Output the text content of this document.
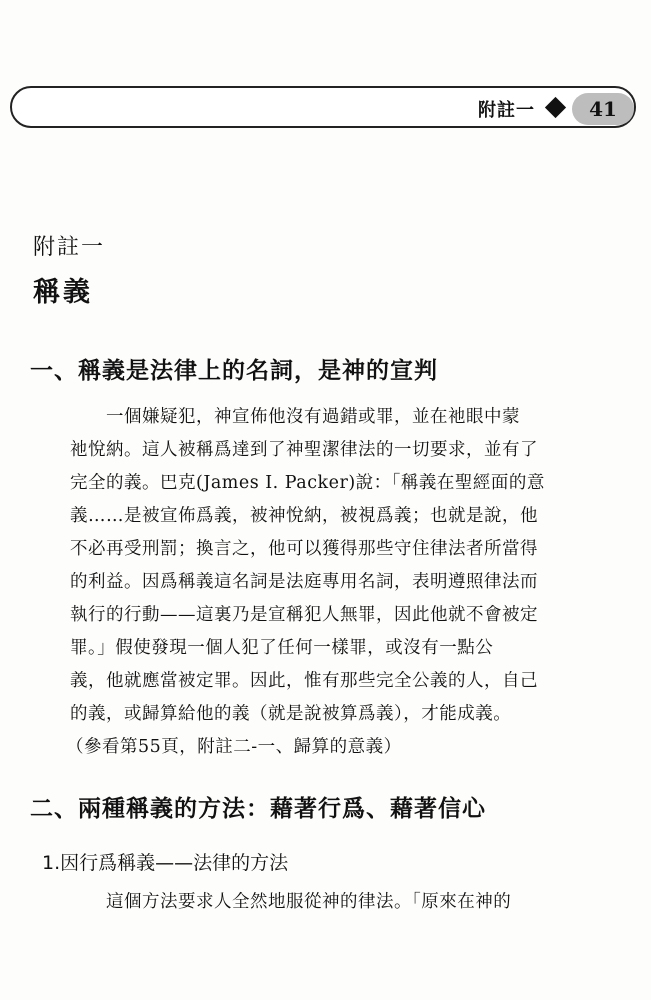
附註一	41
附註一
稱義
一、稱義是法律上的名詞，是神的宣判
　　一個嫌疑犯，神宣佈他沒有過錯或罪，並在祂眼中蒙
祂悅納。這人被稱爲達到了神聖潔律法的一切要求，並有了
完全的義。巴克(James I. Packer)說：「稱義在聖經面的意
義……是被宣佈爲義，被神悅納，被視爲義；也就是說，他
不必再受刑罰；換言之，他可以獲得那些守住律法者所當得
的利益。因爲稱義這名詞是法庭專用名詞，表明遵照律法而
執行的行動——這裏乃是宣稱犯人無罪，因此他就不會被定
罪。」假使發現一個人犯了任何一樣罪，或沒有一點公
義，他就應當被定罪。因此，惟有那些完全公義的人，自己
的義，或歸算給他的義（就是說被算爲義），才能成義。
（參看第55頁，附註二-一、歸算的意義）
二、兩種稱義的方法：藉著行爲、藉著信心
1.因行爲稱義——法律的方法
　　這個方法要求人全然地服從神的律法。「原來在神的
